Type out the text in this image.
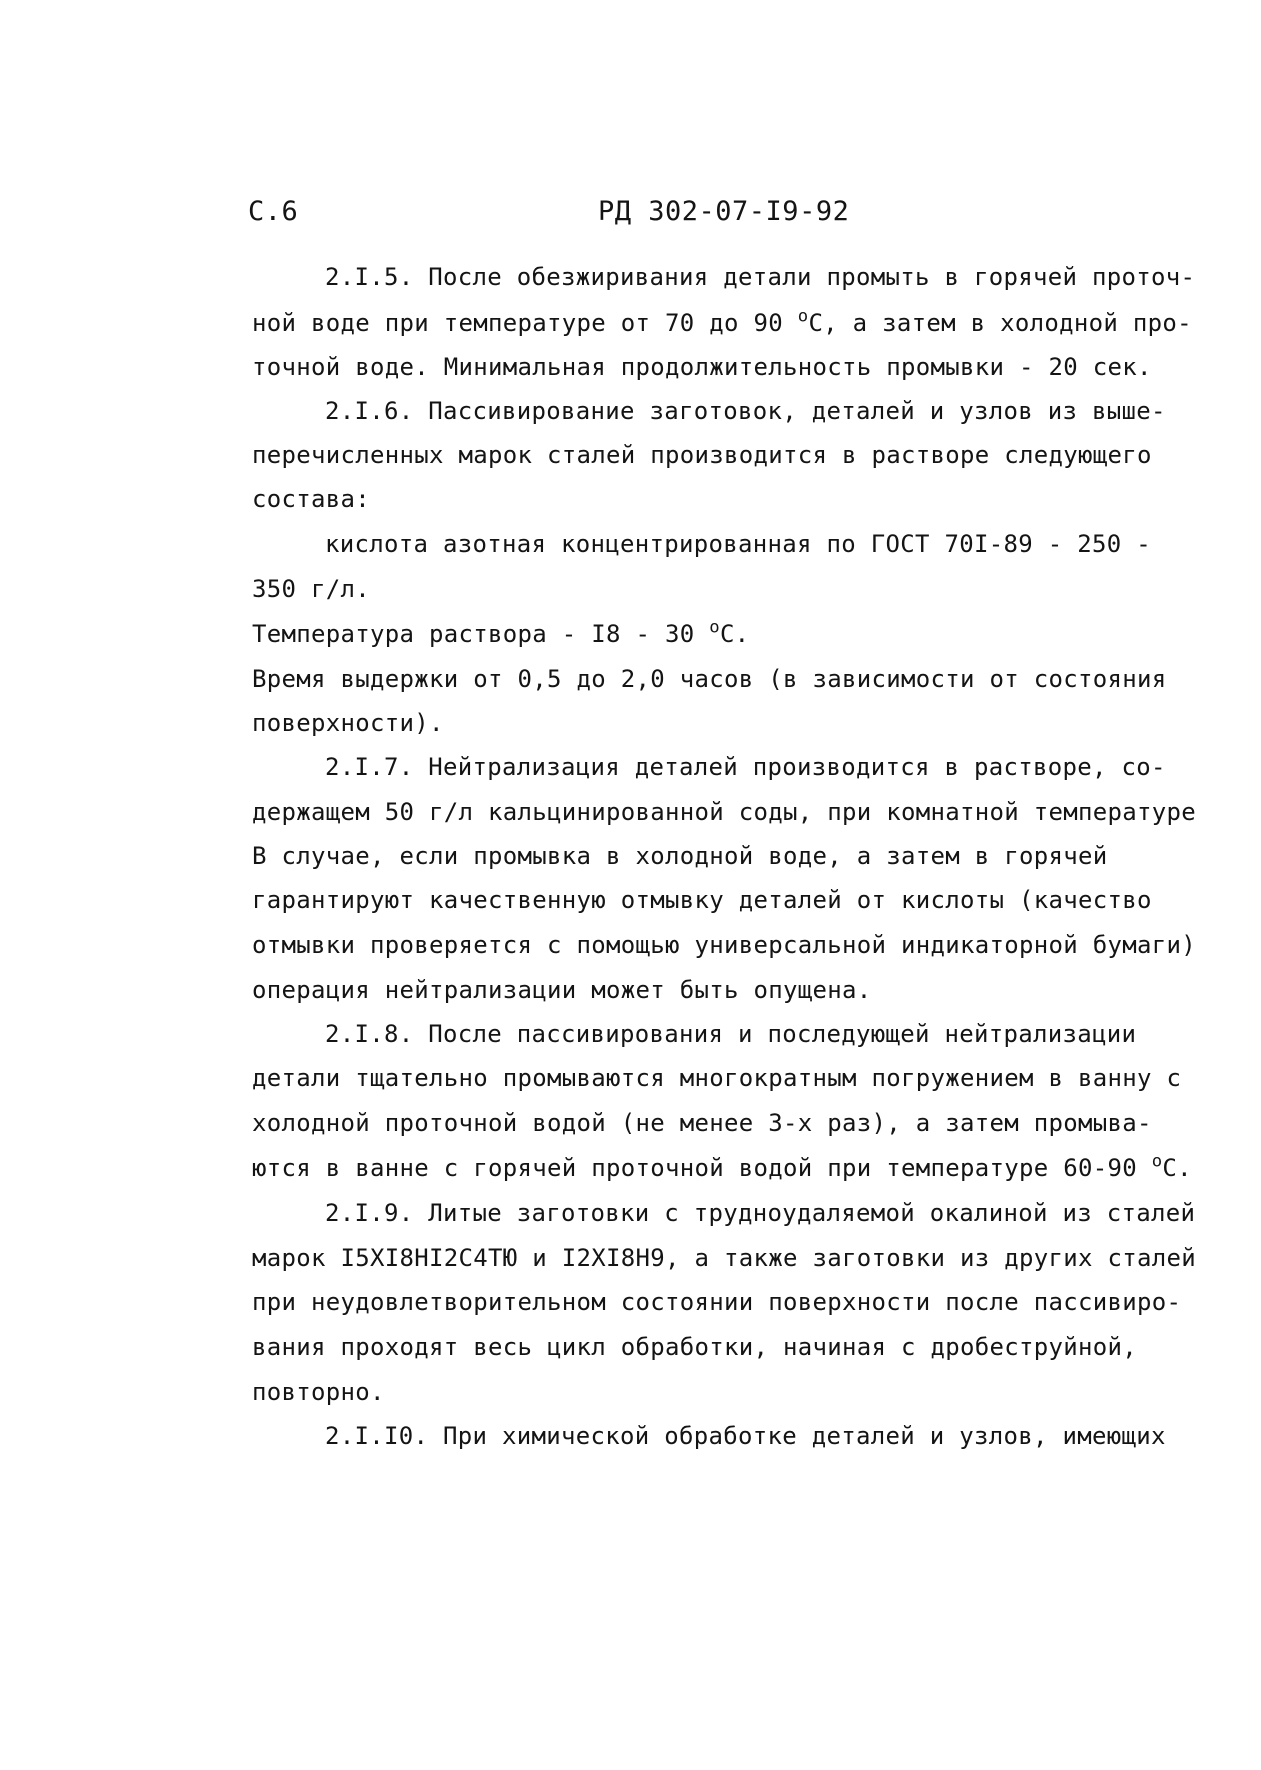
С.6	РД 302-07-I9-92
2.I.5. После обезжиривания детали промыть в горячей проточ-
ной воде при температуре от 70 до 90 $^о$С, а затем в холодной про-
точной воде. Минимальная продолжительность промывки - 20 сек.
2.I.6. Пассивирование заготовок, деталей и узлов из выше-
перечисленных марок сталей производится в растворе следующего
состава:
кислота азотная концентрированная по ГОСТ 70I-89 - 250 -
350 г/л.
Температура раствора - I8 - 30 $^о$С.
Время выдержки от 0,5 до 2,0 часов (в зависимости от состояния
поверхности).
2.I.7. Нейтрализация деталей производится в растворе, со-
держащем 50 г/л кальцинированной соды, при комнатной температуре
В случае, если промывка в холодной воде, а затем в горячей
гарантируют качественную отмывку деталей от кислоты (качество
отмывки проверяется с помощью универсальной индикаторной бумаги)
операция нейтрализации может быть опущена.
2.I.8. После пассивирования и последующей нейтрализации
детали тщательно промываются многократным погружением в ванну с
холодной проточной водой (не менее 3-х раз), а затем промыва-
ются в ванне с горячей проточной водой при температуре 60-90 $^о$С.
2.I.9. Литые заготовки с трудноудаляемой окалиной из сталей
марок I5XI8HI2C4TЮ и I2XI8H9, а также заготовки из других сталей
при неудовлетворительном состоянии поверхности после пассивиро-
вания проходят весь цикл обработки, начиная с дробеструйной,
повторно.
2.I.I0. При химической обработке деталей и узлов, имеющих
